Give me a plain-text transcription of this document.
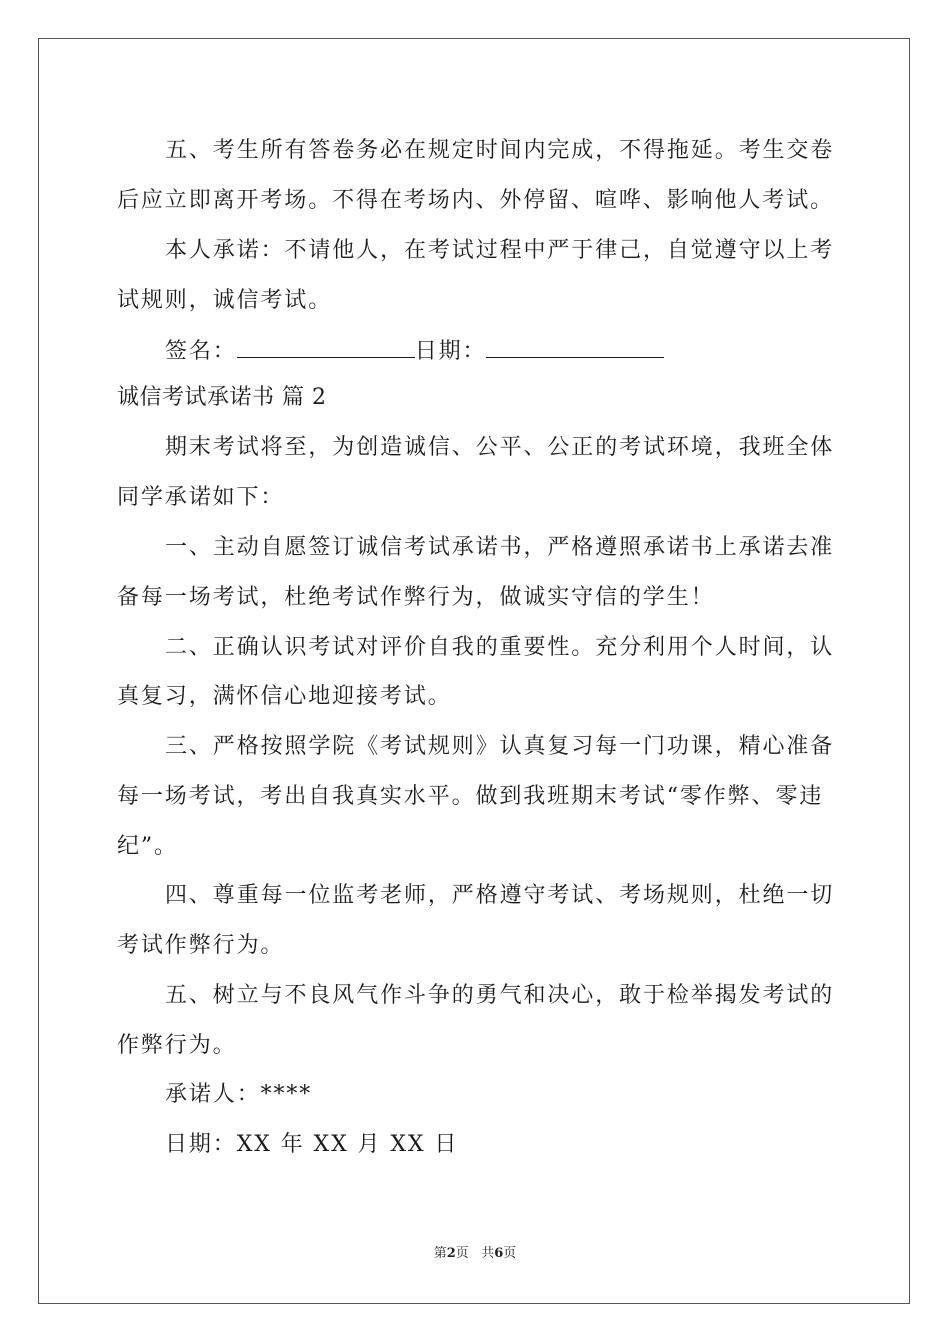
五、考生所有答卷务必在规定时间内完成，不得拖延。考生交卷
后应立即离开考场。不得在考场内、外停留、喧哗、影响他人考试。
本人承诺：不请他人，在考试过程中严于律己，自觉遵守以上考
试规则，诚信考试。
签名：	日期：
诚信考试承诺书 篇 2
期末考试将至，为创造诚信、公平、公正的考试环境，我班全体
同学承诺如下：
一、主动自愿签订诚信考试承诺书，严格遵照承诺书上承诺去准
备每一场考试，杜绝考试作弊行为，做诚实守信的学生！
二、正确认识考试对评价自我的重要性。充分利用个人时间，认
真复习，满怀信心地迎接考试。
三、严格按照学院《考试规则》认真复习每一门功课，精心准备
每一场考试，考出自我真实水平。做到我班期末考试“零作弊、零违
纪”。
四、尊重每一位监考老师，严格遵守考试、考场规则，杜绝一切
考试作弊行为。
五、树立与不良风气作斗争的勇气和决心，敢于检举揭发考试的
作弊行为。
承诺人：****
日期：XX 年 XX 月 XX 日
第2页 共6页
